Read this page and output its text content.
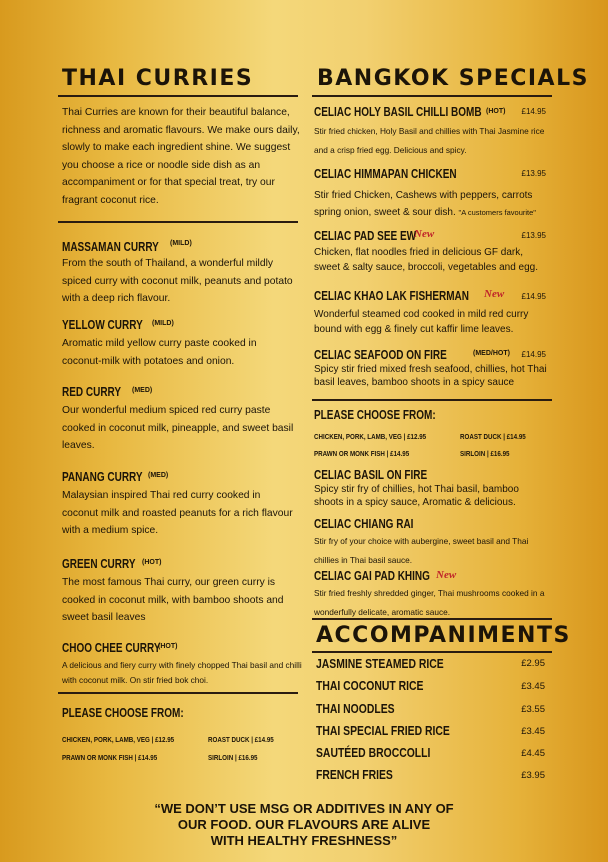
THAI CURRIES
Thai Curries are known for their beautiful balance, richness and aromatic flavours. We make ours daily, slowly to make each ingredient shine. We suggest you choose a rice or noodle side dish as an accompaniment or for that special treat, try our fragrant coconut rice.
MASSAMAN CURRY (MILD)
From the south of Thailand, a wonderful mildly spiced curry with coconut milk, peanuts and potato with a deep rich flavour.
YELLOW CURRY (MILD)
Aromatic mild yellow curry paste cooked in coconut-milk with potatoes and onion.
RED CURRY (MED)
Our wonderful medium spiced red curry paste cooked in coconut milk, pineapple, and sweet basil leaves.
PANANG CURRY (MED)
Malaysian inspired Thai red curry cooked in coconut milk and roasted peanuts for a rich flavour with a medium spice.
GREEN CURRY (HOT)
The most famous Thai curry, our green curry is cooked in coconut milk, with bamboo shoots and sweet basil leaves
CHOO CHEE CURRY
(HOT)
A delicious and fiery curry with finely chopped Thai basil and chilli with coconut milk. On stir fried bok choi.
PLEASE CHOOSE FROM:
CHICKEN, PORK, LAMB, VEG | £12.95	ROAST DUCK | £14.95
PRAWN OR MONK FISH | £14.95	SIRLOIN | £16.95
BANGKOK SPECIALS
CELIAC HOLY BASIL CHILLI BOMB (HOT)	£14.95
Stir fried chicken, Holy Basil and chillies with Thai Jasmine rice and a crisp fried egg. Delicious and spicy.
CELIAC HIMMAPAN CHICKEN	£13.95
Stir fried Chicken, Cashews with peppers, carrots spring onion, sweet & sour dish. "A customers favourite"
CELIAC PAD SEE EW
New	£13.95
Chicken, flat noodles fried in delicious GF dark, sweet & salty sauce, broccoli, vegetables and egg.
CELIAC KHAO LAK FISHERMAN New	£14.95
Wonderful steamed cod cooked in mild red curry bound with egg & finely cut kaffir lime leaves.
CELIAC SEAFOOD ON FIRE	(MED/HOT)	£14.95
Spicy stir fried mixed fresh seafood, chillies, hot Thai basil leaves, bamboo shoots in a spicy sauce
PLEASE CHOOSE FROM:
CHICKEN, PORK, LAMB, VEG | £12.95	ROAST DUCK | £14.95
PRAWN OR MONK FISH | £14.95	SIRLOIN | £16.95
CELIAC BASIL ON FIRE
Spicy stir fry of chillies, hot Thai basil, bamboo shoots in a spicy sauce, Aromatic & delicious.
CELIAC CHIANG RAI
Stir fry of your choice with aubergine, sweet basil and Thai chillies in Thai basil sauce.
CELIAC GAI PAD KHING New
Stir fried freshly shredded ginger, Thai mushrooms cooked in a wonderfully delicate, aromatic sauce.
ACCOMPANIMENTS
JASMINE STEAMED RICE	£2.95
THAI COCONUT RICE	£3.45
THAI NOODLES	£3.55
THAI SPECIAL FRIED RICE	£3.45
SAUTÉED BROCCOLLI	£4.45
FRENCH FRIES	£3.95
“WE DON’T USE MSG OR ADDITIVES IN ANY OF
OUR FOOD. OUR FLAVOURS ARE ALIVE
WITH HEALTHY FRESHNESS”
